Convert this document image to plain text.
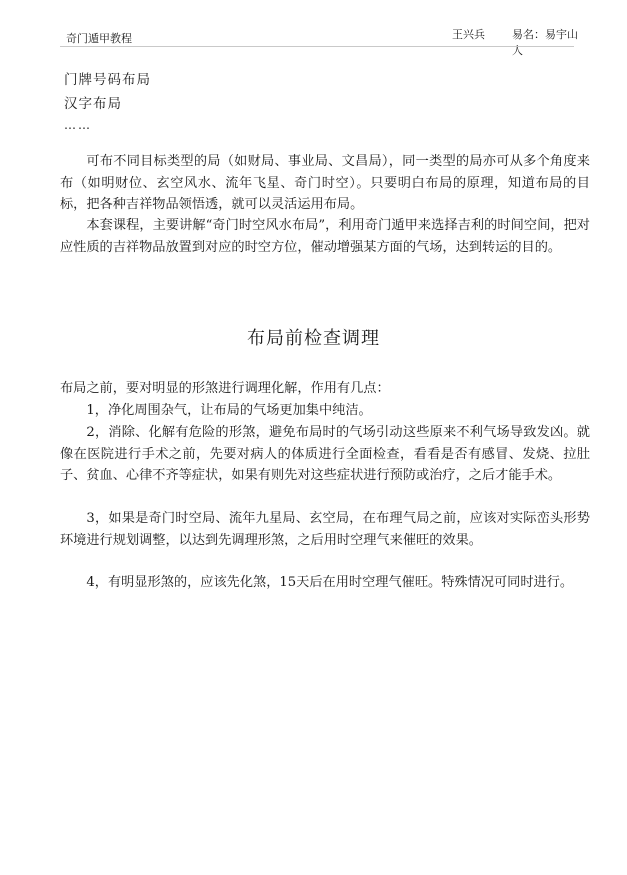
奇门遁甲教程	王兴兵 易名：易宇山人
门牌号码布局
汉字布局
……

可布不同目标类型的局（如财局、事业局、文昌局），同一类型的局亦可从多个角度来布（如明财位、玄空风水、流年飞星、奇门时空）。只要明白布局的原理，知道布局的目标，把各种吉祥物品领悟透，就可以灵活运用布局。

本套课程，主要讲解“奇门时空风水布局”，利用奇门遁甲来选择吉利的时间空间，把对应性质的吉祥物品放置到对应的时空方位，催动增强某方面的气场，达到转运的目的。

布局前检查调理

布局之前，要对明显的形煞进行调理化解，作用有几点：

1，净化周围杂气，让布局的气场更加集中纯洁。

2，消除、化解有危险的形煞，避免布局时的气场引动这些原来不利气场导致发凶。就像在医院进行手术之前，先要对病人的体质进行全面检查，看看是否有感冒、发烧、拉肚子、贫血、心律不齐等症状，如果有则先对这些症状进行预防或治疗，之后才能手术。

3，如果是奇门时空局、流年九星局、玄空局，在布理气局之前，应该对实际峦头形势环境进行规划调整，以达到先调理形煞，之后用时空理气来催旺的效果。

4，有明显形煞的，应该先化煞，15天后在用时空理气催旺。特殊情况可同时进行。
